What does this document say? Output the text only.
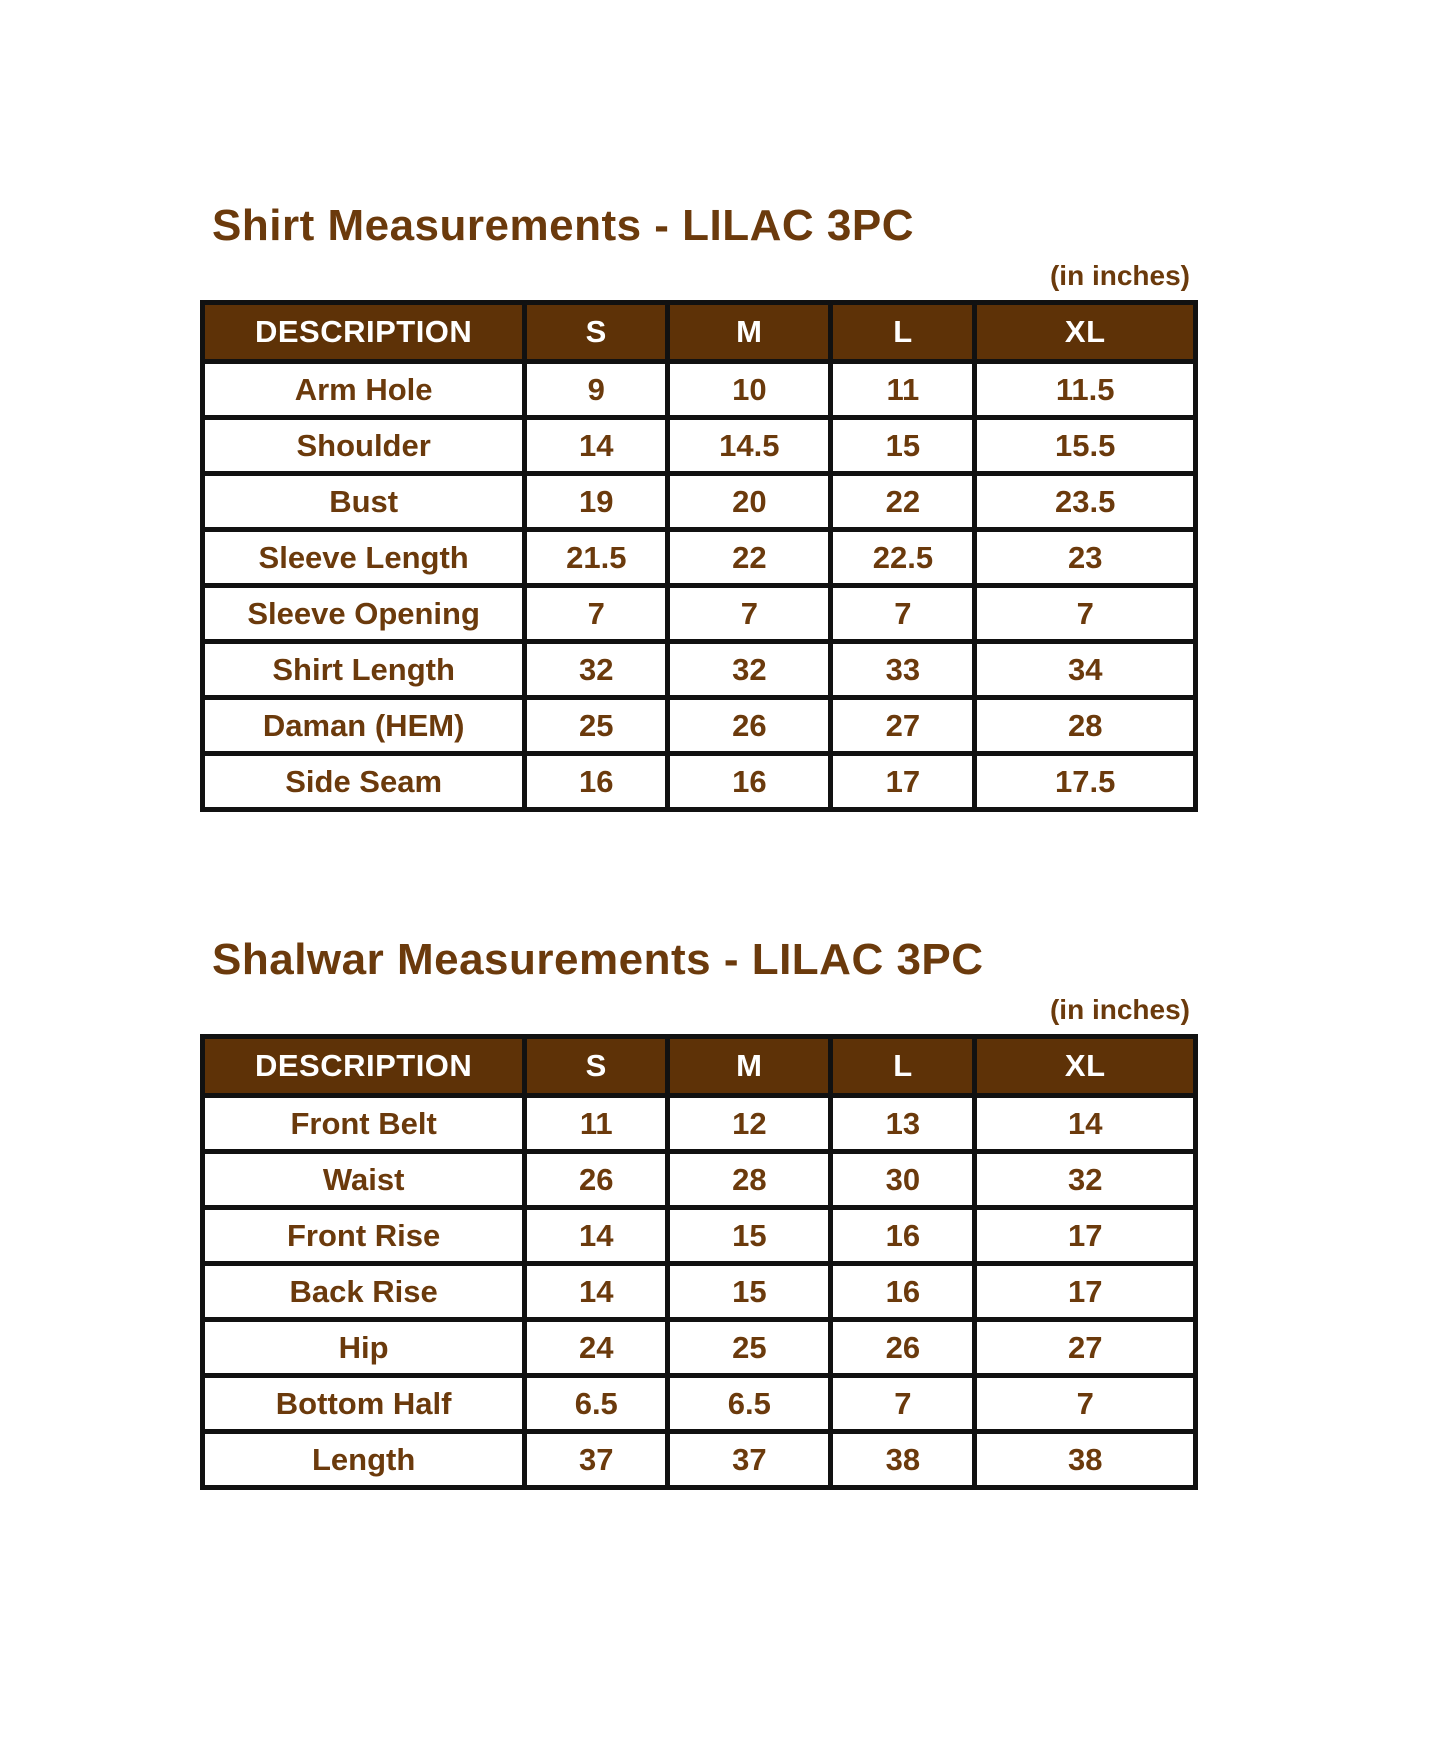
Shirt Measurements - LILAC 3PC
(in inches)
DESCRIPTION	S	M	L	XL
Arm Hole	9	10	11	11.5
Shoulder	14	14.5	15	15.5
Bust	19	20	22	23.5
Sleeve Length	21.5	22	22.5	23
Sleeve Opening	7	7	7	7
Shirt Length	32	32	33	34
Daman (HEM)	25	26	27	28
Side Seam	16	16	17	17.5
Shalwar Measurements - LILAC 3PC
(in inches)
DESCRIPTION	S	M	L	XL
Front Belt	11	12	13	14
Waist	26	28	30	32
Front Rise	14	15	16	17
Back Rise	14	15	16	17
Hip	24	25	26	27
Bottom Half	6.5	6.5	7	7
Length	37	37	38	38
